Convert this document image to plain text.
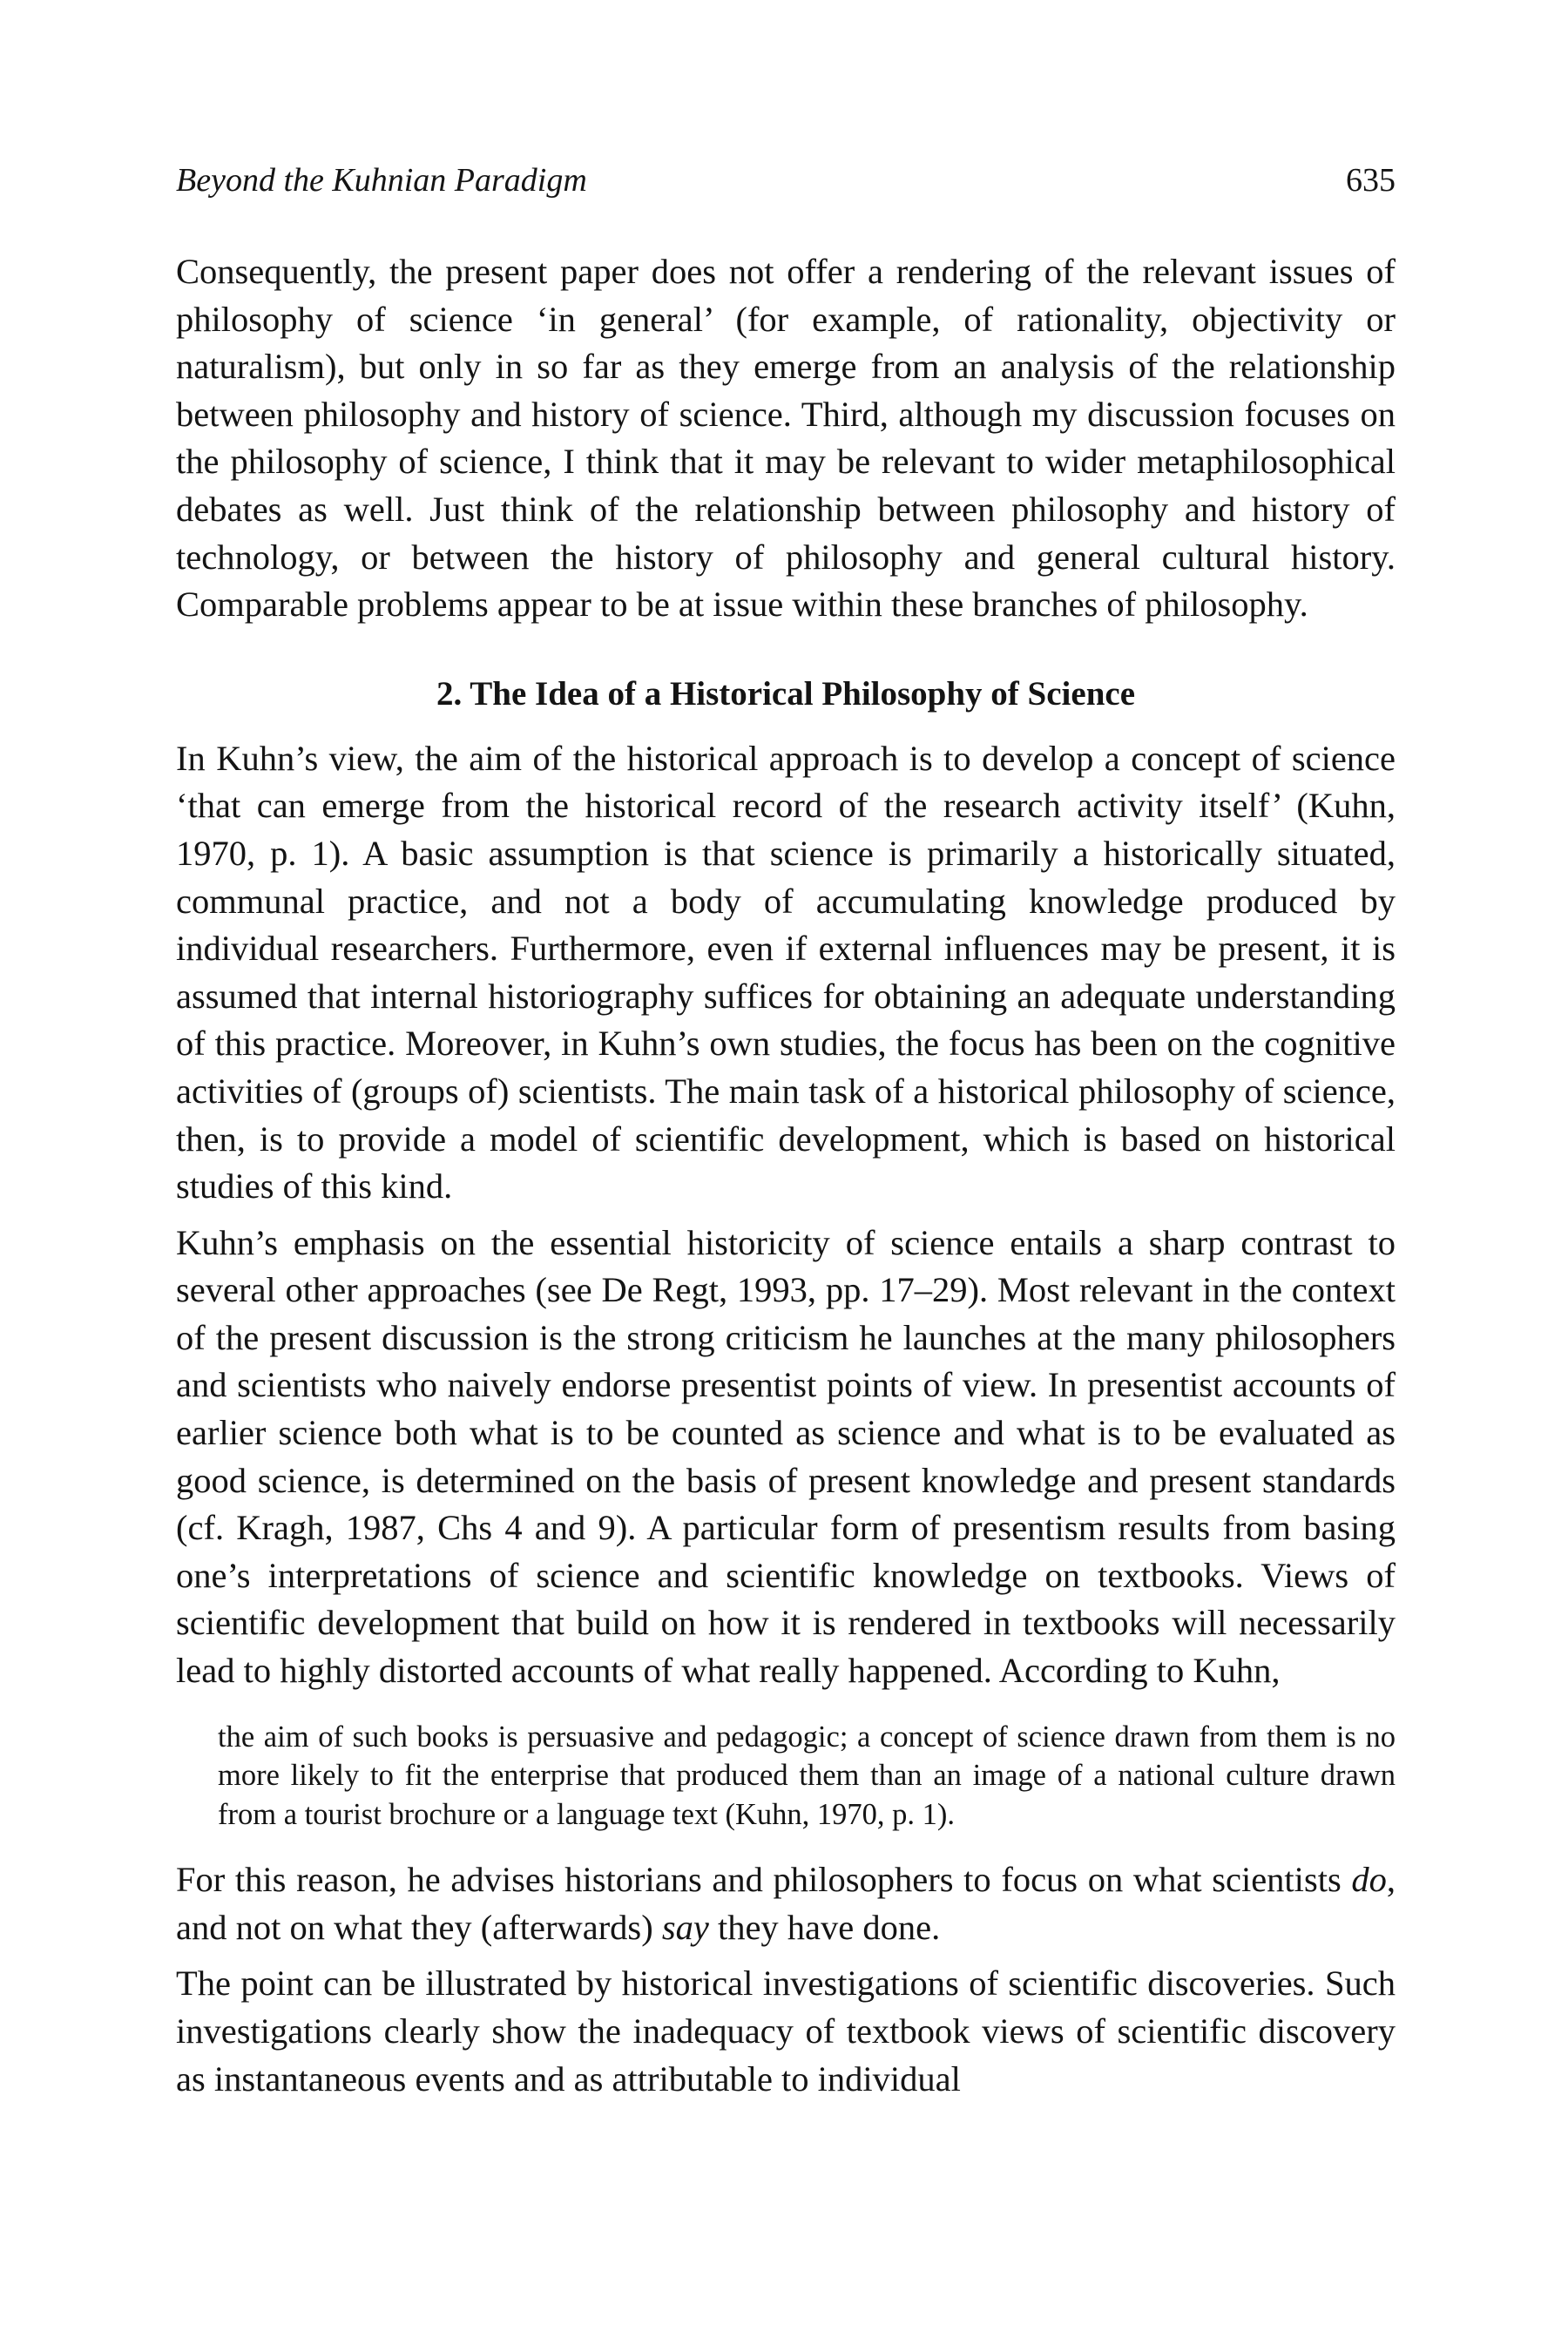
Beyond the Kuhnian Paradigm	635

Consequently, the present paper does not offer a rendering of the relevant issues of philosophy of science ‘in general’ (for example, of rationality, objectivity or naturalism), but only in so far as they emerge from an analysis of the relationship between philosophy and history of science. Third, although my discussion focuses on the philosophy of science, I think that it may be relevant to wider metaphilosophical debates as well. Just think of the relationship between philosophy and history of technology, or between the history of philosophy and general cultural history. Comparable problems appear to be at issue within these branches of philosophy.

2. The Idea of a Historical Philosophy of Science

In Kuhn’s view, the aim of the historical approach is to develop a concept of science ‘that can emerge from the historical record of the research activity itself’ (Kuhn, 1970, p. 1). A basic assumption is that science is primarily a historically situated, communal practice, and not a body of accumulating knowledge produced by individual researchers. Furthermore, even if external influences may be present, it is assumed that internal historiography suffices for obtaining an adequate understanding of this practice. Moreover, in Kuhn’s own studies, the focus has been on the cognitive activities of (groups of) scientists. The main task of a historical philosophy of science, then, is to provide a model of scientific development, which is based on historical studies of this kind.

Kuhn’s emphasis on the essential historicity of science entails a sharp contrast to several other approaches (see De Regt, 1993, pp. 17–29). Most relevant in the context of the present discussion is the strong criticism he launches at the many philosophers and scientists who naively endorse presentist points of view. In presentist accounts of earlier science both what is to be counted as science and what is to be evaluated as good science, is determined on the basis of present knowledge and present standards (cf. Kragh, 1987, Chs 4 and 9). A particular form of presentism results from basing one’s interpretations of science and scientific knowledge on textbooks. Views of scientific development that build on how it is rendered in textbooks will necessarily lead to highly distorted accounts of what really happened. According to Kuhn,

the aim of such books is persuasive and pedagogic; a concept of science drawn from them is no more likely to fit the enterprise that produced them than an image of a national culture drawn from a tourist brochure or a language text (Kuhn, 1970, p. 1).

For this reason, he advises historians and philosophers to focus on what scientists do, and not on what they (afterwards) say they have done.

The point can be illustrated by historical investigations of scientific discoveries. Such investigations clearly show the inadequacy of textbook views of scientific discovery as instantaneous events and as attributable to individual
